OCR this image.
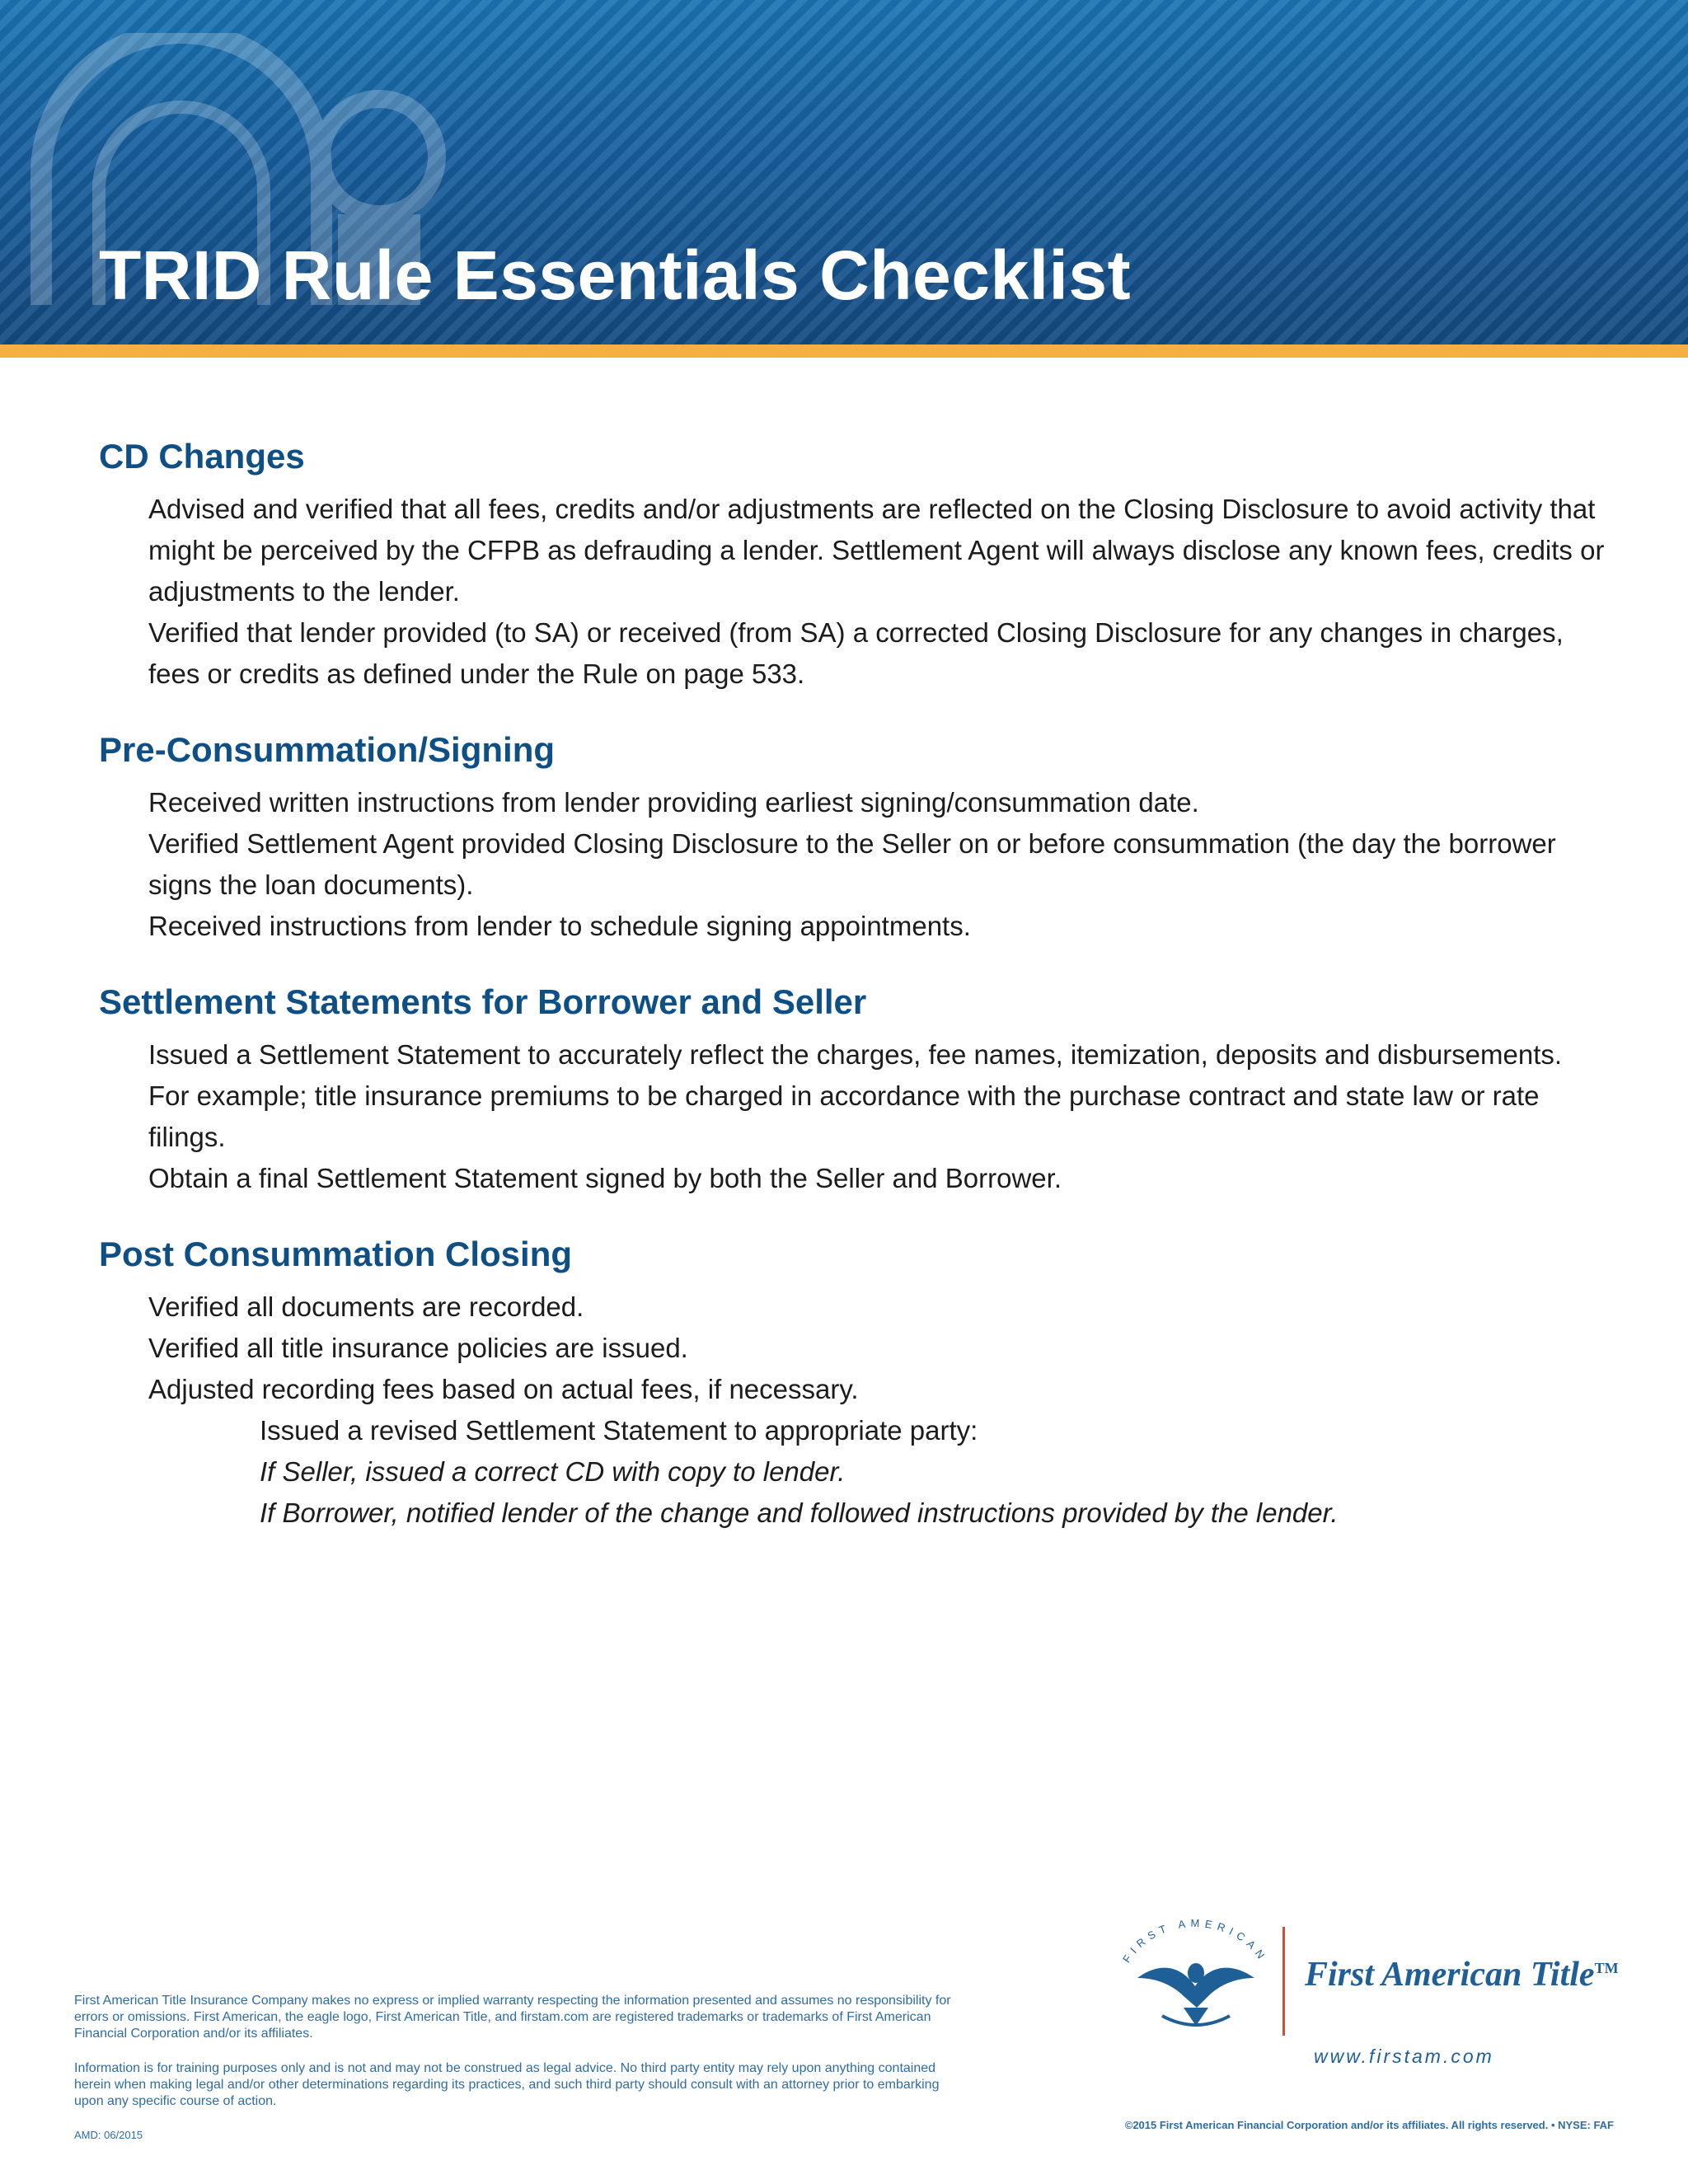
TRID Rule Essentials Checklist
CD Changes

Advised and verified that all fees, credits and/or adjustments are reflected on the Closing Disclosure to avoid activity that might be perceived by the CFPB as defrauding a lender. Settlement Agent will always disclose any known fees, credits or adjustments to the lender.

Verified that lender provided (to SA) or received (from SA) a corrected Closing Disclosure for any changes in charges, fees or credits as defined under the Rule on page 533.

Pre-Consummation/Signing

Received written instructions from lender providing earliest signing/consummation date.

Verified Settlement Agent provided Closing Disclosure to the Seller on or before consummation (the day the borrower signs the loan documents).

Received instructions from lender to schedule signing appointments.

Settlement Statements for Borrower and Seller

Issued a Settlement Statement to accurately reflect the charges, fee names, itemization, deposits and disbursements. For example; title insurance premiums to be charged in accordance with the purchase contract and state law or rate filings.

Obtain a final Settlement Statement signed by both the Seller and Borrower.

Post Consummation Closing

Verified all documents are recorded.

Verified all title insurance policies are issued.

Adjusted recording fees based on actual fees, if necessary.

Issued a revised Settlement Statement to appropriate party:

If Seller, issued a correct CD with copy to lender.

If Borrower, notified lender of the change and followed instructions provided by the lender.

First American Title Insurance Company makes no express or implied warranty respecting the information presented and assumes no responsibility for errors or omissions. First American, the eagle logo, First American Title, and firstam.com are registered trademarks or trademarks of First American Financial Corporation and/or its affiliates.

Information is for training purposes only and is not and may not be construed as legal advice. No third party entity may rely upon anything contained herein when making legal and/or other determinations regarding its practices, and such third party should consult with an attorney prior to embarking upon any specific course of action.

AMD: 06/2015

FIRST AMERICAN First American Title™

www.firstam.com

©2015 First American Financial Corporation and/or its affiliates. All rights reserved. • NYSE: FAF
